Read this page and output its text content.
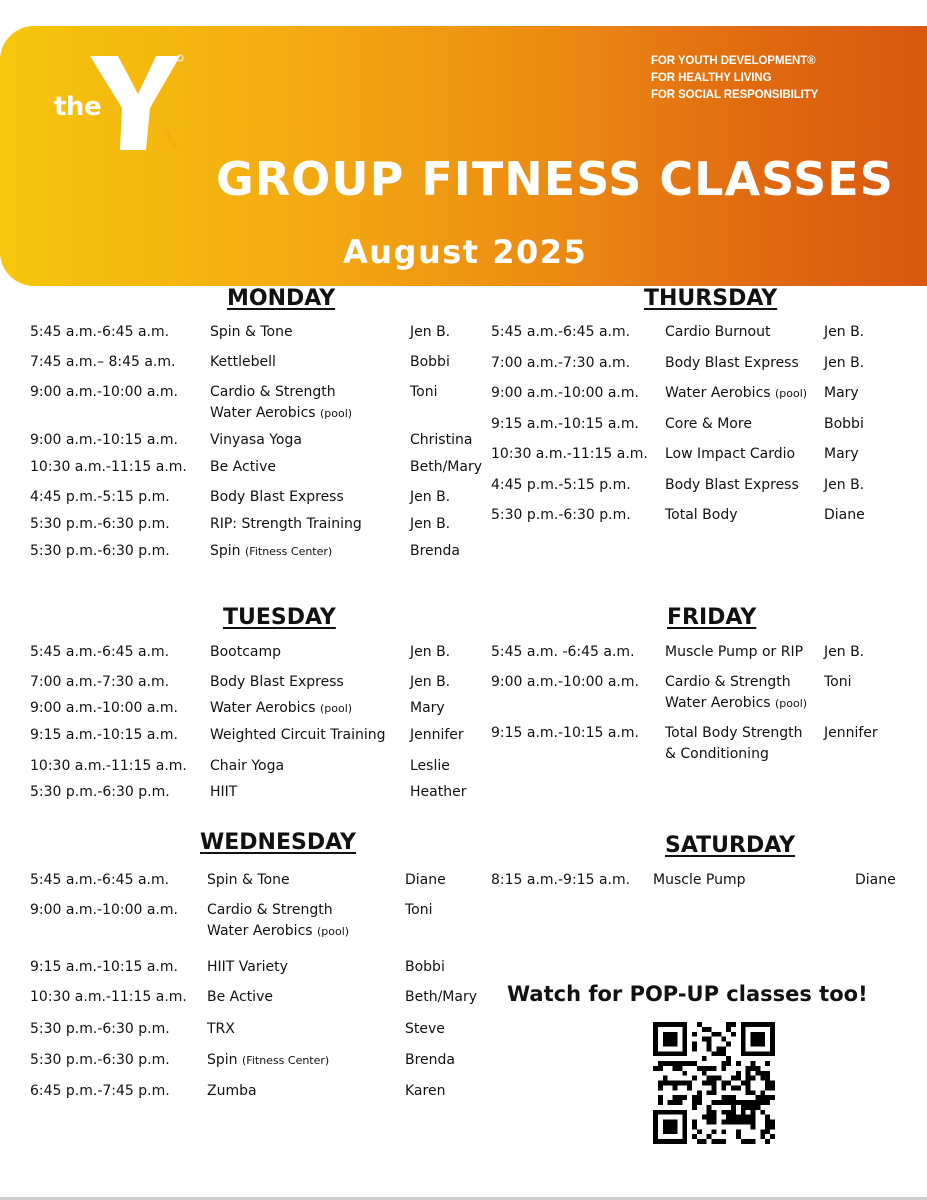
the
YMCA
FOR YOUTH DEVELOPMENT®
FOR HEALTHY LIVING
FOR SOCIAL RESPONSIBILITY
GROUP FITNESS CLASSES
August 2025
MONDAY
5:45 a.m.-6:45 a.m.	Spin & Tone	Jen B.
7:45 a.m.– 8:45 a.m. Kettlebell	Bobbi
9:00 a.m.-10:00 a.m. Cardio & Strength
Water Aerobics (pool)
Toni
9:00 a.m.-10:15 a.m. Vinyasa Yoga	Christina
10:30 a.m.-11:15 a.m. Be Active	Beth/Mary
4:45 p.m.-5:15 p.m.	Body Blast Express	Jen B.
5:30 p.m.-6:30 p.m.	RIP: Strength Training	Jen B.
5:30 p.m.-6:30 p.m.	Spin (Fitness Center)	Brenda
THURSDAY
5:45 a.m.-6:45 a.m. Cardio Burnout	Jen B.
7:00 a.m.-7:30 a.m. Body Blast Express Jen B.
9:00 a.m.-10:00 a.m. Water Aerobics (pool) Mary
9:15 a.m.-10:15 a.m. Core & More	Bobbi
10:30 a.m.-11:15 a.m. Low Impact Cardio Mary
4:45 p.m.-5:15 p.m. Body Blast Express Jen B.
5:30 p.m.-6:30 p.m. Total Body	Diane
TUESDAY
5:45 a.m.-6:45 a.m.	Bootcamp	Jen B.
7:00 a.m.-7:30 a.m.	Body Blast Express	Jen B.
9:00 a.m.-10:00 a.m. Water Aerobics (pool)	Mary
9:15 a.m.-10:15 a.m. Weighted Circuit Training Jennifer
10:30 a.m.-11:15 a.m. Chair Yoga	Leslie
5:30 p.m.-6:30 p.m.	HIIT	Heather
FRIDAY
5:45 a.m. -6:45 a.m. Muscle Pump or RIP Jen B.
9:00 a.m.-10:00 a.m. Cardio & Strength
Water Aerobics (pool)
Toni
9:15 a.m.-10:15 a.m. Total Body Strength
& Conditioning
Jennifer
WEDNESDAY
5:45 a.m.-6:45 a.m.	Spin & Tone	Diane
9:00 a.m.-10:00 a.m. Cardio & Strength
Water Aerobics (pool)
Toni
9:15 a.m.-10:15 a.m. HIIT Variety	Bobbi
10:30 a.m.-11:15 a.m. Be Active	Beth/Mary
5:30 p.m.-6:30 p.m.	TRX	Steve
5:30 p.m.-6:30 p.m.	Spin (Fitness Center)	Brenda
6:45 p.m.-7:45 p.m.	Zumba	Karen
SATURDAY
8:15 a.m.-9:15 a.m. Muscle Pump	Diane
Watch for POP-UP classes too!
